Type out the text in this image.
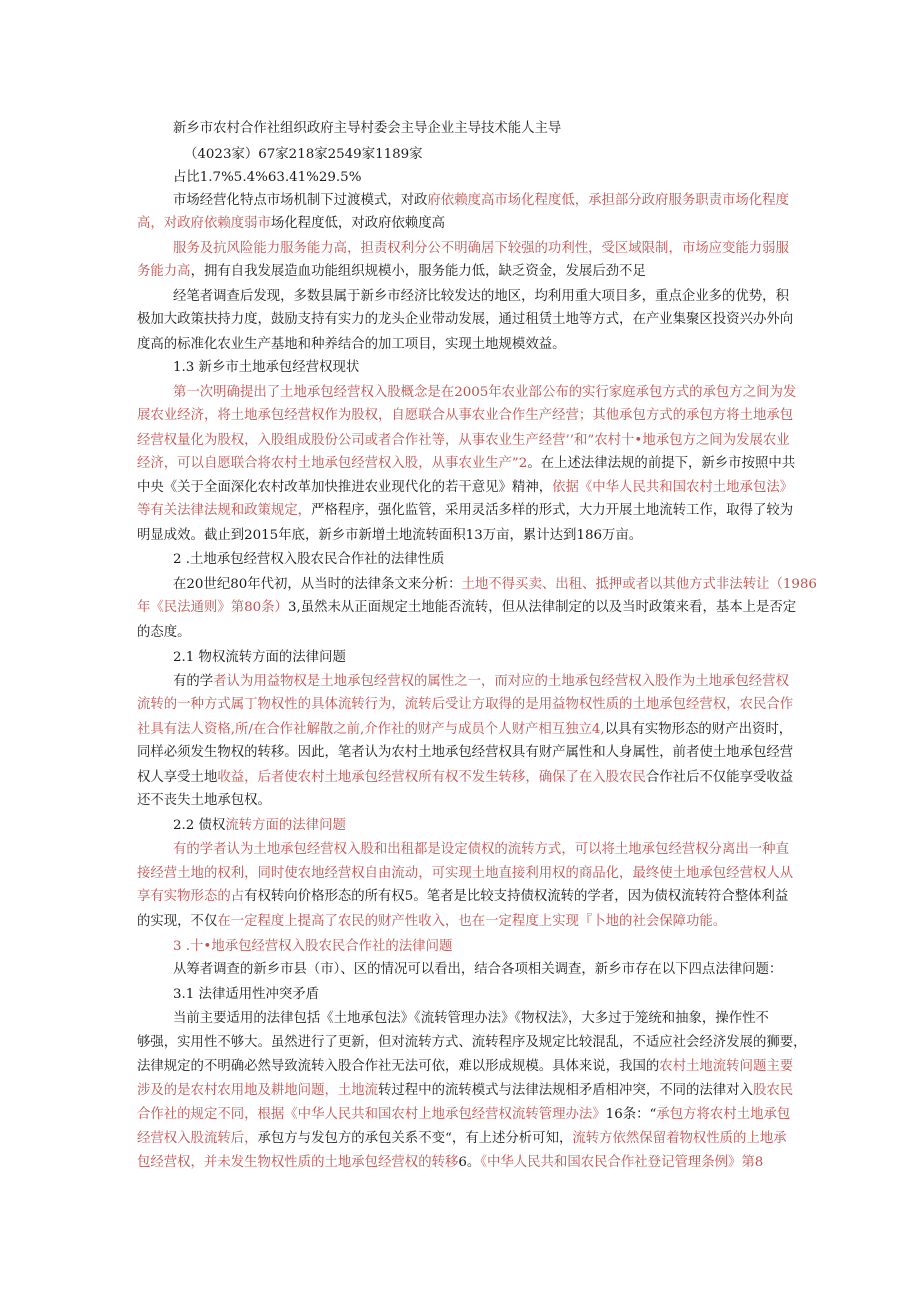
新乡市农村合作社组织政府主导村委会主导企业主导技术能人主导
（4023家）67家218家2549家1189家
占比1.7%5.4%63.41%29.5%
市场经营化特点市场机制下过渡模式，对政府依赖度高市场化程度低，承担部分政府服务职责市场化程度
高，对政府依赖度弱市场化程度低，对政府依赖度高
服务及抗风险能力服务能力高，担责权利分公不明确居下较强的功利性，受区域限制，市场应变能力弱服
务能力高，拥有自我发展造血功能组织规模小，服务能力低，缺乏资金，发展后劲不足
经笔者调查后发现，多数县属于新乡市经济比较发达的地区，均利用重大项目多，重点企业多的优势，积
极加大政策扶持力度，鼓励支持有实力的龙头企业带动发展，通过租赁土地等方式，在产业集聚区投资兴办外向
度高的标准化农业生产基地和种养结合的加工项目，实现土地规模效益。
1.3 新乡市土地承包经营权现状
第一次明确提出了土地承包经营权入股概念是在2005年农业部公布的实行家庭承包方式的承包方之间为发
展农业经济，将土地承包经营权作为股权，自愿联合从事农业合作生产经营；其他承包方式的承包方将土地承包
经营权量化为股权，入股组成股份公司或者合作社等，从事农业生产经营’’和”农村十•地承包方之间为发展农业
经济，可以自愿联合将农村土地承包经营权入股，从事农业生产”2。在上述法律法规的前提下，新乡市按照中共
中央《关于全面深化农村改革加快推进农业现代化的若干意见》精神，依据《中华人民共和国农村土地承包法》
等有关法律法规和政策规定，严格程序，强化监管，采用灵活多样的形式，大力开展土地流转工作，取得了较为
明显成效。截止到2015年底，新乡市新增土地流转面积13万亩，累计达到186万亩。
2 .土地承包经营权入股农民合作社的法律性质
在20世纪80年代初，从当时的法律条文来分析：土地不得买卖、出租、抵押或者以其他方式非法转让（1986
年《民法通则》第80条）3,虽然未从正面规定土地能否流转，但从法律制定的以及当时政策来看，基本上是否定
的态度。
2.1 物权流转方面的法律问题
有的学者认为用益物权是土地承包经营权的属性之一，而对应的土地承包经营权入股作为土地承包经营权
流转的一种方式属丁物权性的具体流转行为，流转后受让方取得的是用益物权性质的土地承包经营权，农民合作
社具有法人资格,所/在合作社解散之前,介作社的财产与成员个人财产相互独立4,以具有实物形态的财产出资时，
同样必须发生物权的转移。因此，笔者认为农村土地承包经营权具有财产属性和人身属性，前者使土地承包经营
权人享受土地收益，后者使农村土地承包经营权所有权不发生转移，确保了在入股农民合作社后不仅能享受收益
还不丧失土地承包权。
2.2 债权流转方面的法律问题
有的学者认为土地承包经营权入股和出租都是设定债权的流转方式，可以将土地承包经营权分离出一种直
接经营土地的权利，同时使农地经营权自由流动，可实现土地直接利用权的商品化，最终使土地承包经营权人从
享有实物形态的占有权转向价格形态的所有权5。笔者是比较支持债权流转的学者，因为债权流转符合整体利益
的实现，不仅在一定程度上提高了农民的财产性收入，也在一定程度上实现『卜地的社会保障功能。
3 .十•地承包经营权入股农民合作社的法律问题
从筹者调查的新乡市县（市）、区的情况可以看出，结合各项相关调查，新乡市存在以下四点法律问题：
3.1 法律适用性冲突矛盾
当前主要适用的法律包括《土地承包法》《流转管理办法》《物权法》，大多过于笼统和抽象，操作性不
够强，实用性不够大。虽然进行了更新，但对流转方式、流转程序及规定比较混乱，不适应社会经济发展的狮要，
法律规定的不明确必然导致流转入股合作社无法可依，难以形成规模。具体来说，我国的农村土地流转问题主要
涉及的是农村农用地及耕地问题，土地流转过程中的流转模式与法律法规相矛盾相冲突，不同的法律对入股农民
合作社的规定不同，根据《中华人民共和国农村上地承包经营权流转管理办法》16条：“承包方将农村土地承包
经营权入股流转后，承包方与发包方的承包关系不变“，有上述分析可知，流转方依然保留着物权性质的上地承
包经营权，并未发生物权性质的土地承包经营权的转移6。《中华人民共和国农民合作社登记管理条例》第8
